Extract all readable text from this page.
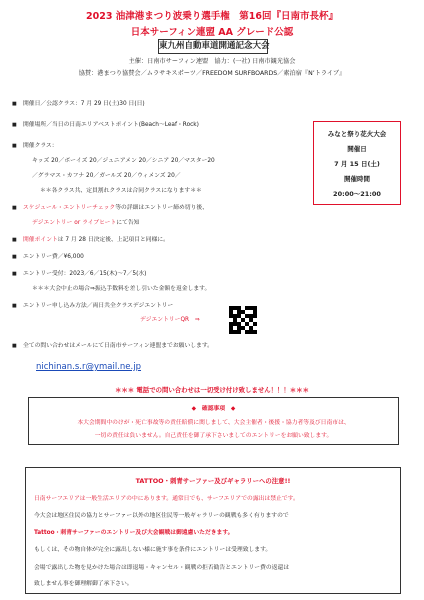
2023 油津港まつり波乗り選手権　第16回『日南市長杯』
日本サーフィン連盟 AA グレード公認
東九州自動車道開通記念大会
主催：日南市サーフィン連盟　協力：(一社) 日南市観光協会
協賛：港まつり協賛会／ムラサキスポーツ／FREEDOM SURFBOARDS／素泊宿『N’トライブ』
■ 開催日／公認クラス：7 月 29 日(土)30 日(日)
■ 開催場所／当日の日南エリアベストポイント(Beach～Leaf・Rock)
■ 開催クラス：
キッズ 20／ボーイズ 20／ジュニアメン 20／シニア 20／マスター20
／グラマス・カフナ 20／ガールズ 20／ウィメンズ 20／
＊＊各クラス共、定員割れクラスは合同クラスになります＊＊
■ スケジュール・エントリーチェック等の詳細はエントリー締め切り後、
デジエントリー or ライブヒートにて告知
■ 開催ポイントは 7 月 28 日決定後、上記項目と同様に。
■ エントリー費／¥6,000
■ エントリー受付：2023／6／15(木)～7／5(水)
＊＊＊大会中止の場合⇒振込手数料を差し引いた金額を返金します。
■ エントリー申し込み方法／両日共全クラスデジエントリー
デジエントリーQR　⇒
■ 全ての問い合わせはメールにて日南市サーフィン連盟までお願いします。
みなと祭り花火大会
開催日
7 月 15 日(土)
開催時間
20:00～21:00
nichinan.s.r@ymail.ne.jp
＊＊＊ 電話での問い合わせは一切受け付け致しません！！！＊＊＊
◆　確認事項　◆
本大会期間中のけが・死亡事故等の責任賠償に関しまして、大会主催者・後援・協力者等及び日南市は、
一切の責任は負いません。自己責任を御了承下さいましてのエントリーをお願い致します。
TATTOO・刺青サーファー及びギャラリーへの注意!!
日南サーフエリアは一般生活エリアの中にあります。通常日でも、サーフエリアでの露出は禁止です。
今大会は地区住民の協力とサーファー以外の地区住民等一般ギャラリーの観戦も多く有りますので
Tattoo・刺青サーファーのエントリー及び大会観戦は御遠慮いただきます。
もしくは、その物自体が完全に露出しない様に施す事を条件にエントリーは受理致します。
会場で露出した物を見かけた場合は即退場・キャンセル・観戦の拒否勧告とエントリー費の返還は
致しません事を御理解御了承下さい。
